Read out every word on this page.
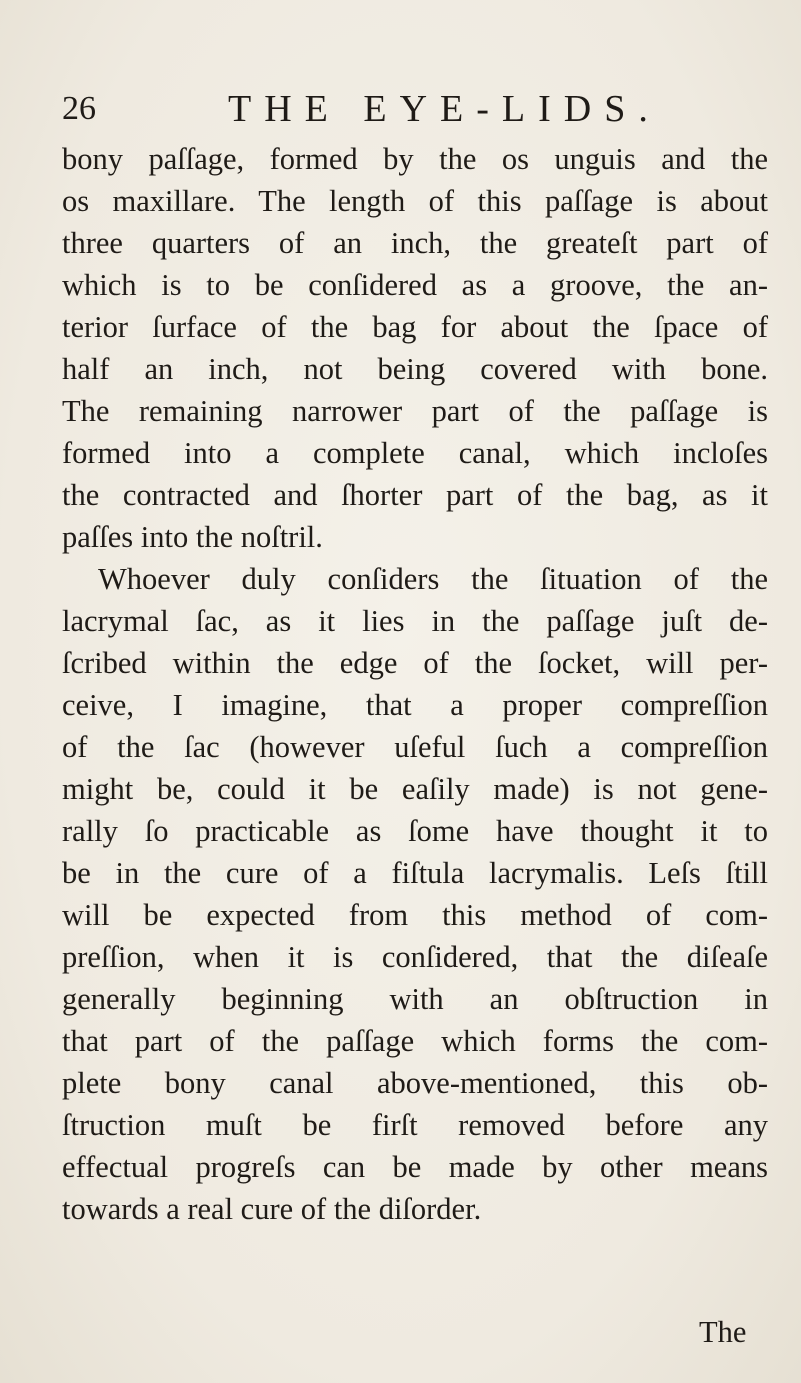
26	THE EYE-LIDS.
bony paſſage, formed by the os unguis and the
os maxillare. The length of this paſſage is about
three quarters of an inch, the greateſt part of
which is to be conſidered as a groove, the an-
terior ſurface of the bag for about the ſpace of
half an inch, not being covered with bone.
The remaining narrower part of the paſſage is
formed into a complete canal, which incloſes
the contracted and ſhorter part of the bag, as it
paſſes into the noſtril.
Whoever duly conſiders the ſituation of the
lacrymal ſac, as it lies in the paſſage juſt de-
ſcribed within the edge of the ſocket, will per-
ceive, I imagine, that a proper compreſſion
of the ſac (however uſeful ſuch a compreſſion
might be, could it be eaſily made) is not gene-
rally ſo practicable as ſome have thought it to
be in the cure of a fiſtula lacrymalis. Leſs ſtill
will be expected from this method of com-
preſſion, when it is conſidered, that the diſeaſe
generally beginning with an obſtruction in
that part of the paſſage which forms the com-
plete bony canal above-mentioned, this ob-
ſtruction muſt be firſt removed before any
effectual progreſs can be made by other means
towards a real cure of the diſorder.
The
